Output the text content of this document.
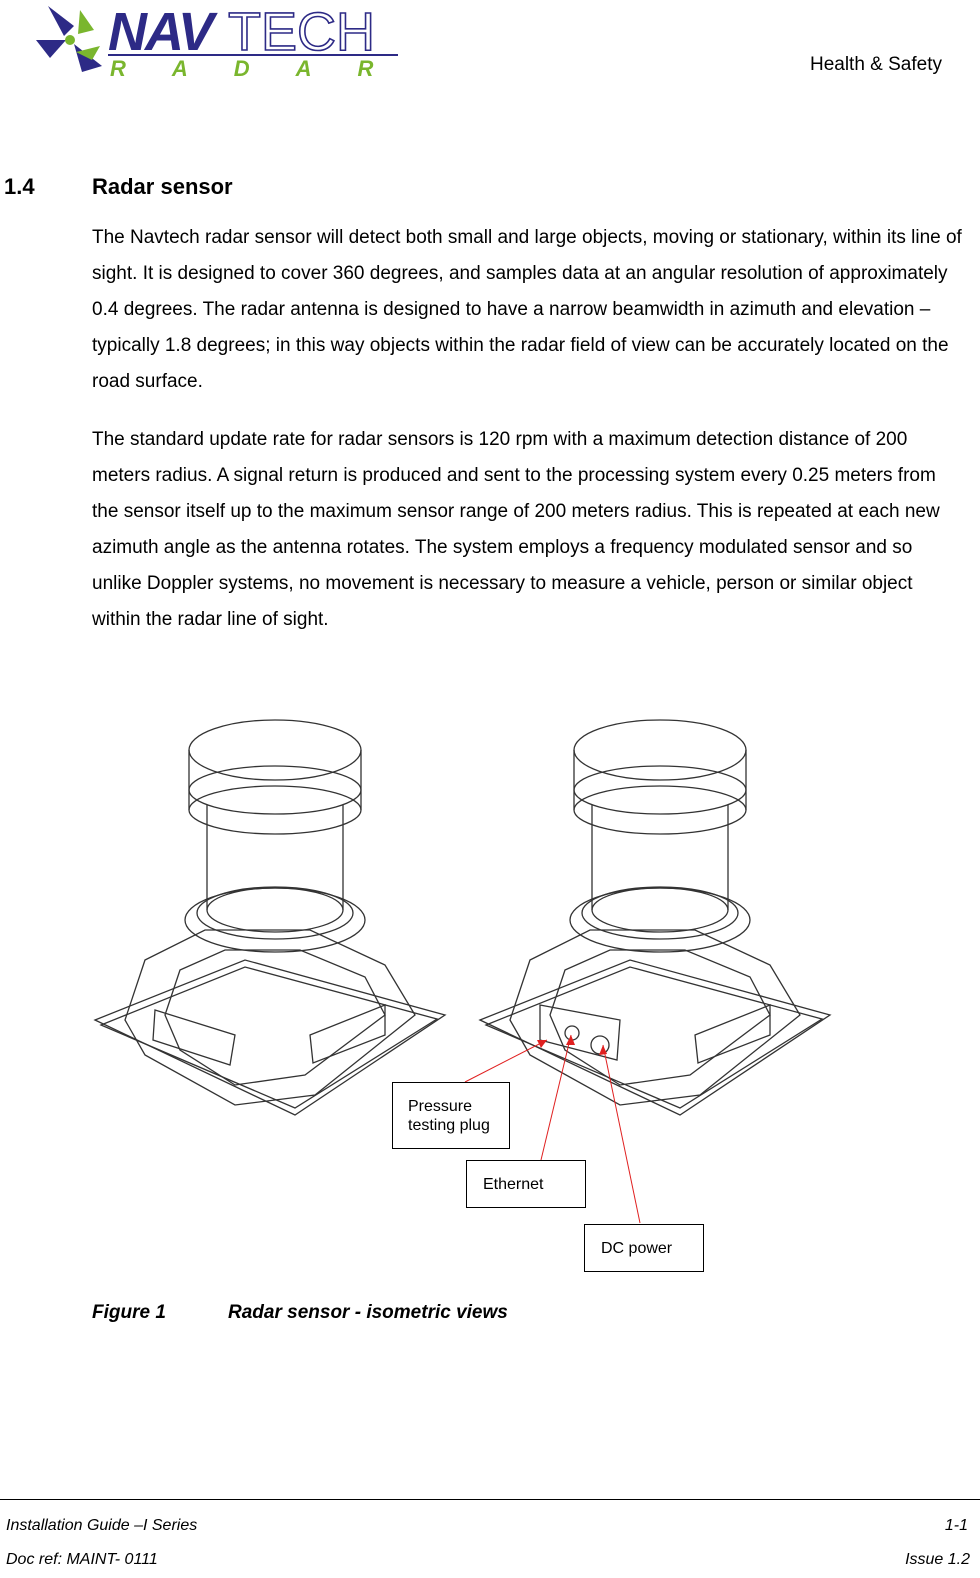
NAV TECH
RADAR	Health & Safety
1.4	Radar sensor
The Navtech radar sensor will detect both small and large objects, moving or stationary, within its line of sight. It is designed to cover 360 degrees, and samples data at an angular resolution of approximately 0.4 degrees. The radar antenna is designed to have a narrow beamwidth in azimuth and elevation – typically 1.8 degrees; in this way objects within the radar field of view can be accurately located on the road surface.
The standard update rate for radar sensors is 120 rpm with a maximum detection distance of 200 meters radius. A signal return is produced and sent to the processing system every 0.25 meters from the sensor itself up to the maximum sensor range of 200 meters radius. This is repeated at each new azimuth angle as the antenna rotates. The system employs a frequency modulated sensor and so unlike Doppler systems, no movement is necessary to measure a vehicle, person or similar object within the radar line of sight.
Pressure
testing plug
Ethernet
DC power
Figure 1	Radar sensor - isometric views
Installation Guide –I Series
Doc ref: MAINT- 0111
1-1
Issue 1.2
